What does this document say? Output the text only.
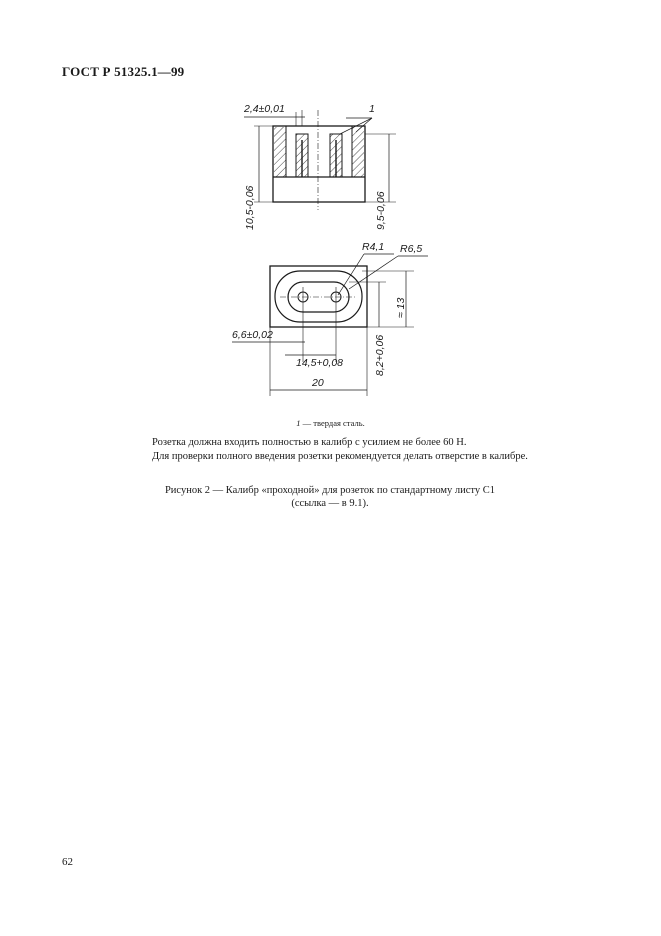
ГОСТ Р 51325.1—99
2,4±0,01	1
10,5-0,06	9,5-0,06
R4,1 R6,5
≈ 13
6,6±0,02
14,5+0,08	8,2+0,06
20
1 — твердая сталь.
Розетка должна входить полностью в калибр с усилием не более 60 Н.
Для проверки полного введения розетки рекомендуется делать отверстие в калибре.
Рисунок 2 — Калибр «проходной» для розеток по стандартному листу С1
(ссылка — в 9.1).
62
